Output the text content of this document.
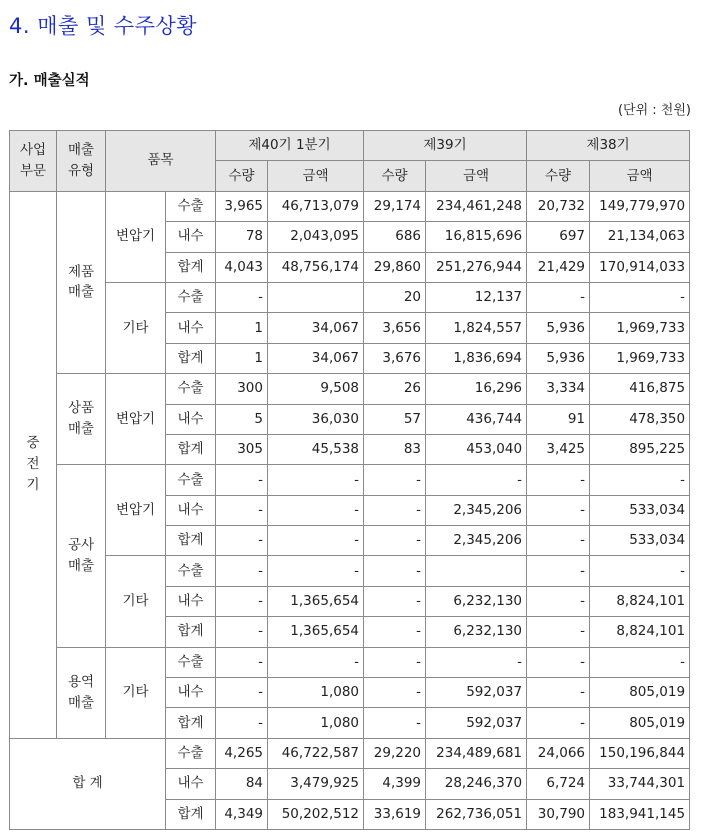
4. 매출 및 수주상황
가. 매출실적
(단위 : 천원)
사업
부문	매출
유형	품목		제40기 1분기		제39기		제38기	
				수량	금액	수량	금액	수량	금액
중
전
기	제품
매출	변압기	수출	3,965	46,713,079	29,174	234,461,248	20,732	149,779,970
			내수	78	2,043,095	686	16,815,696	697	21,134,063
			합계	4,043	48,756,174	29,860	251,276,944	21,429	170,914,033
		기타	수출	-		20	12,137	-	-
			내수	1	34,067	3,656	1,824,557	5,936	1,969,733
			합계	1	34,067	3,676	1,836,694	5,936	1,969,733
	상품
매출	변압기	수출	300	9,508	26	16,296	3,334	416,875
			내수	5	36,030	57	436,744	91	478,350
			합계	305	45,538	83	453,040	3,425	895,225
	공사
매출	변압기	수출	-	-	-	-	-	-
			내수	-	-	-	2,345,206	-	533,034
			합계	-	-	-	2,345,206	-	533,034
		기타	수출	-	-	-		-	-
			내수	-	1,365,654	-	6,232,130	-	8,824,101
			합계	-	1,365,654	-	6,232,130	-	8,824,101
	용역
매출	기타	수출	-	-	-	-	-	-
			내수	-	1,080	-	592,037	-	805,019
			합계	-	1,080	-	592,037	-	805,019
합 계			수출	4,265	46,722,587	29,220	234,489,681	24,066	150,196,844
			내수	84	3,479,925	4,399	28,246,370	6,724	33,744,301
			합계	4,349	50,202,512	33,619	262,736,051	30,790	183,941,145
